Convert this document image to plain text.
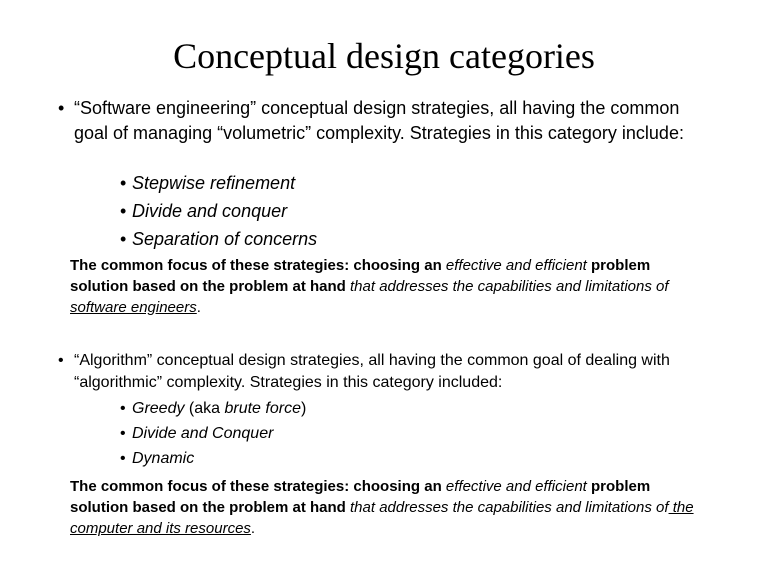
Conceptual design categories
• “Software engineering” conceptual design strategies, all having the common goal of managing “volumetric” complexity. Strategies in this category include:
• Stepwise refinement
• Divide and conquer
• Separation of concerns
The common focus of these strategies: choosing an effective and efficient problem solution based on the problem at hand that addresses the capabilities and limitations of software engineers.
• “Algorithm” conceptual design strategies, all having the common goal of dealing with “algorithmic” complexity. Strategies in this category included:
• Greedy (aka brute force)
• Divide and Conquer
• Dynamic
The common focus of these strategies: choosing an effective and efficient problem solution based on the problem at hand that addresses the capabilities and limitations of the computer and its resources.
